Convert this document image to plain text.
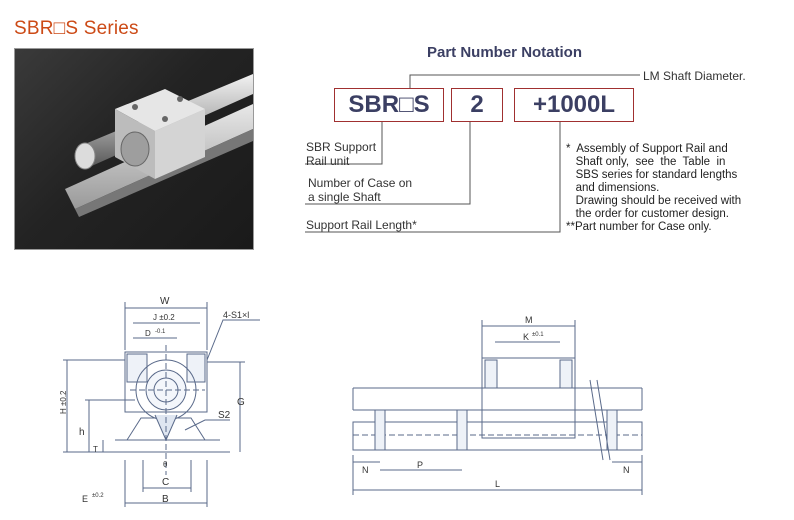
SBR□S Series
Part Number Notation
SBR□S	2	+1000L
LM Shaft Diameter.
SBR Support
Rail unit
Number of Case on
a single Shaft
Support Rail Length*
*  Assembly of Support Rail and
Shaft only,  see  the  Table  in
SBS series for standard lengths
and dimensions.
Drawing should be received with
the order for customer design.
**Part number for Case only.
W
J ±0.2
D -0.1
4-S1×l
H ±0.2	G
h
T
θ
S2
C
B
E ±0.2
M
K ±0.1
N	P	N
L
